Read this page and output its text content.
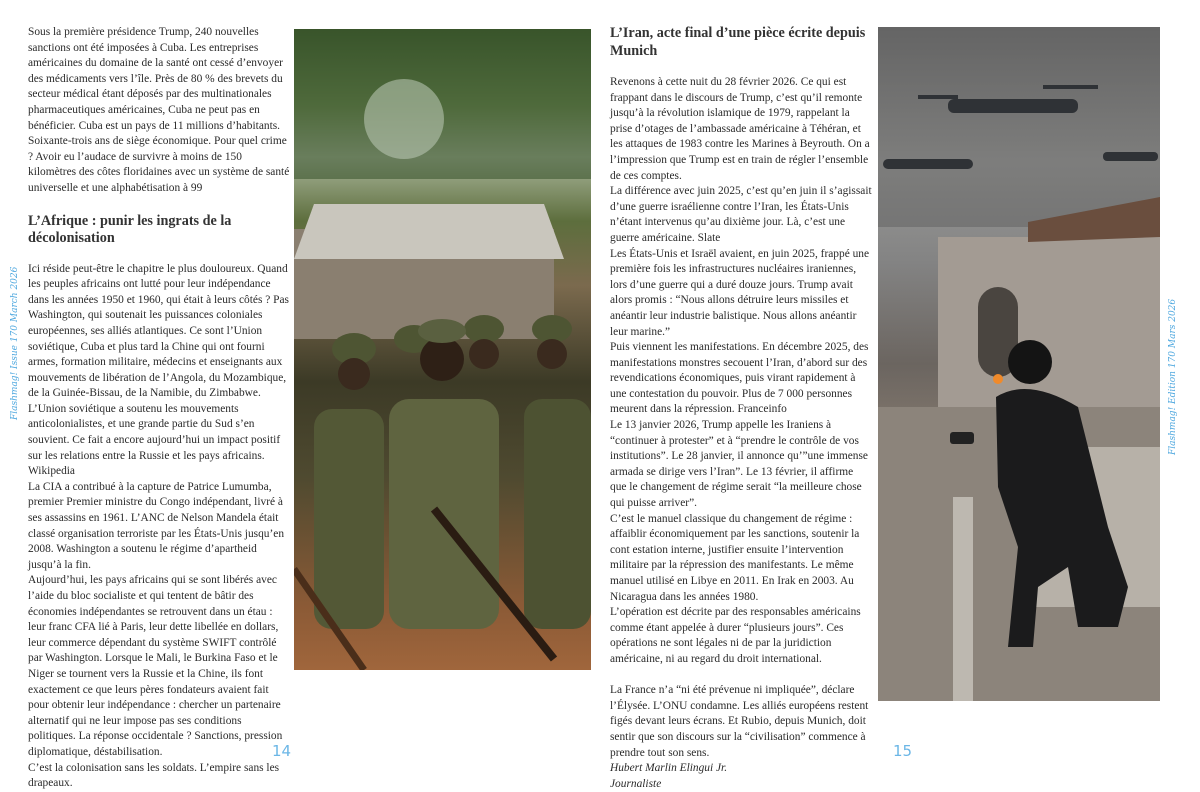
Sous la première présidence Trump, 240 nouvelles sanctions ont été imposées à Cuba. Les entreprises américaines du domaine de la santé ont cessé d’envoyer des médicaments vers l’île. Près de 80 % des brevets du secteur médical étant déposés par des multinationales pharmaceutiques américaines, Cuba ne peut pas en bénéficier. Cuba est un pays de 11 millions d’habitants. Soixante-trois ans de siège économique. Pour quel crime ? Avoir eu l’audace de survivre à moins de 150 kilomètres des côtes floridaines avec un système de santé universelle et une alphabétisation à 99

L’Afrique : punir les ingrats de la décolonisation

Ici réside peut-être le chapitre le plus douloureux. Quand les peuples africains ont lutté pour leur indépendance dans les années 1950 et 1960, qui était à leurs côtés ? Pas Washington, qui soutenait les puissances coloniales européennes, ses alliés atlantiques. Ce sont l’Union soviétique, Cuba et plus tard la Chine qui ont fourni armes, formation militaire, médecins et enseignants aux mouvements de libération de l’Angola, du Mozambique, de la Guinée-Bissau, de la Namibie, du Zimbabwe.

L’Union soviétique a soutenu les mouvements anticolonialistes, et une grande partie du Sud s’en souvient. Ce fait a encore aujourd’hui un impact positif sur les relations entre la Russie et les pays africains. Wikipedia

La CIA a contribué à la capture de Patrice Lumumba, premier Premier ministre du Congo indépendant, livré à ses assassins en 1961. L’ANC de Nelson Mandela était classé organisation terroriste par les États-Unis jusqu’en 2008. Washington a soutenu le régime d’apartheid jusqu’à la fin.

Aujourd’hui, les pays africains qui se sont libérés avec l’aide du bloc socialiste et qui tentent de bâtir des économies indépendantes se retrouvent dans un étau : leur franc CFA lié à Paris, leur dette libellée en dollars, leur commerce dépendant du système SWIFT contrôlé par Washington. Lorsque le Mali, le Burkina Faso et le Niger se tournent vers la Russie et la Chine, ils font exactement ce que leurs pères fondateurs avaient fait pour obtenir leur indépendance : chercher un partenaire alternatif qui ne leur impose pas ses conditions politiques. La réponse occidentale ? Sanctions, pression diplomatique, déstabilisation.

C’est la colonisation sans les soldats. L’empire sans les drapeaux.

L’Iran, acte final d’une pièce écrite depuis Munich

Revenons à cette nuit du 28 février 2026. Ce qui est frappant dans le discours de Trump, c’est qu’il remonte jusqu’à la révolution islamique de 1979, rappelant la prise d’otages de l’ambassade américaine à Téhéran, et les attaques de 1983 contre les Marines à Beyrouth. On a l’impression que Trump est en train de régler l’ensemble de ces comptes.

La différence avec juin 2025, c’est qu’en juin il s’agissait d’une guerre israélienne contre l’Iran, les États-Unis n’étant intervenus qu’au dixième jour. Là, c’est une guerre américaine. Slate

Les États-Unis et Israël avaient, en juin 2025, frappé une première fois les infrastructures nucléaires iraniennes, lors d’une guerre qui a duré douze jours. Trump avait alors promis : “Nous allons détruire leurs missiles et anéantir leur industrie balistique. Nous allons anéantir leur marine.”

Puis viennent les manifestations. En décembre 2025, des manifestations monstres secouent l’Iran, d’abord sur des revendications économiques, puis virant rapidement à une contestation du pouvoir. Plus de 7 000 personnes meurent dans la répression. Franceinfo

Le 13 janvier 2026, Trump appelle les Iraniens à “continuer à protester” et à “prendre le contrôle de vos institutions”. Le 28 janvier, il annonce qu’”une immense armada se dirige vers l’Iran”. Le 13 février, il affirme que le changement de régime serait “la meilleure chose qui puisse arriver”.

C’est le manuel classique du changement de régime : affaiblir économiquement par les sanctions, soutenir la cont estation interne, justifier ensuite l’intervention militaire par la répression des manifestants. Le même manuel utilisé en Libye en 2011. En Irak en 2003. Au Nicaragua dans les années 1980.

L’opération est décrite par des responsables américains comme étant appelée à durer “plusieurs jours”. Ces opérations ne sont légales ni de par la juridiction américaine, ni au regard du droit international.

La France n’a “ni été prévenue ni impliquée”, déclare l’Élysée. L’ONU condamne. Les alliés européens restent figés devant leurs écrans. Et Rubio, depuis Munich, doit sentir que son discours sur la “civilisation” commence à prendre tout son sens.

Hubert Marlin Elingui Jr.

Journaliste

Flashmag! Issue 170 March 2026	Flashmag! Edition 170 Mars 2026
14	15
